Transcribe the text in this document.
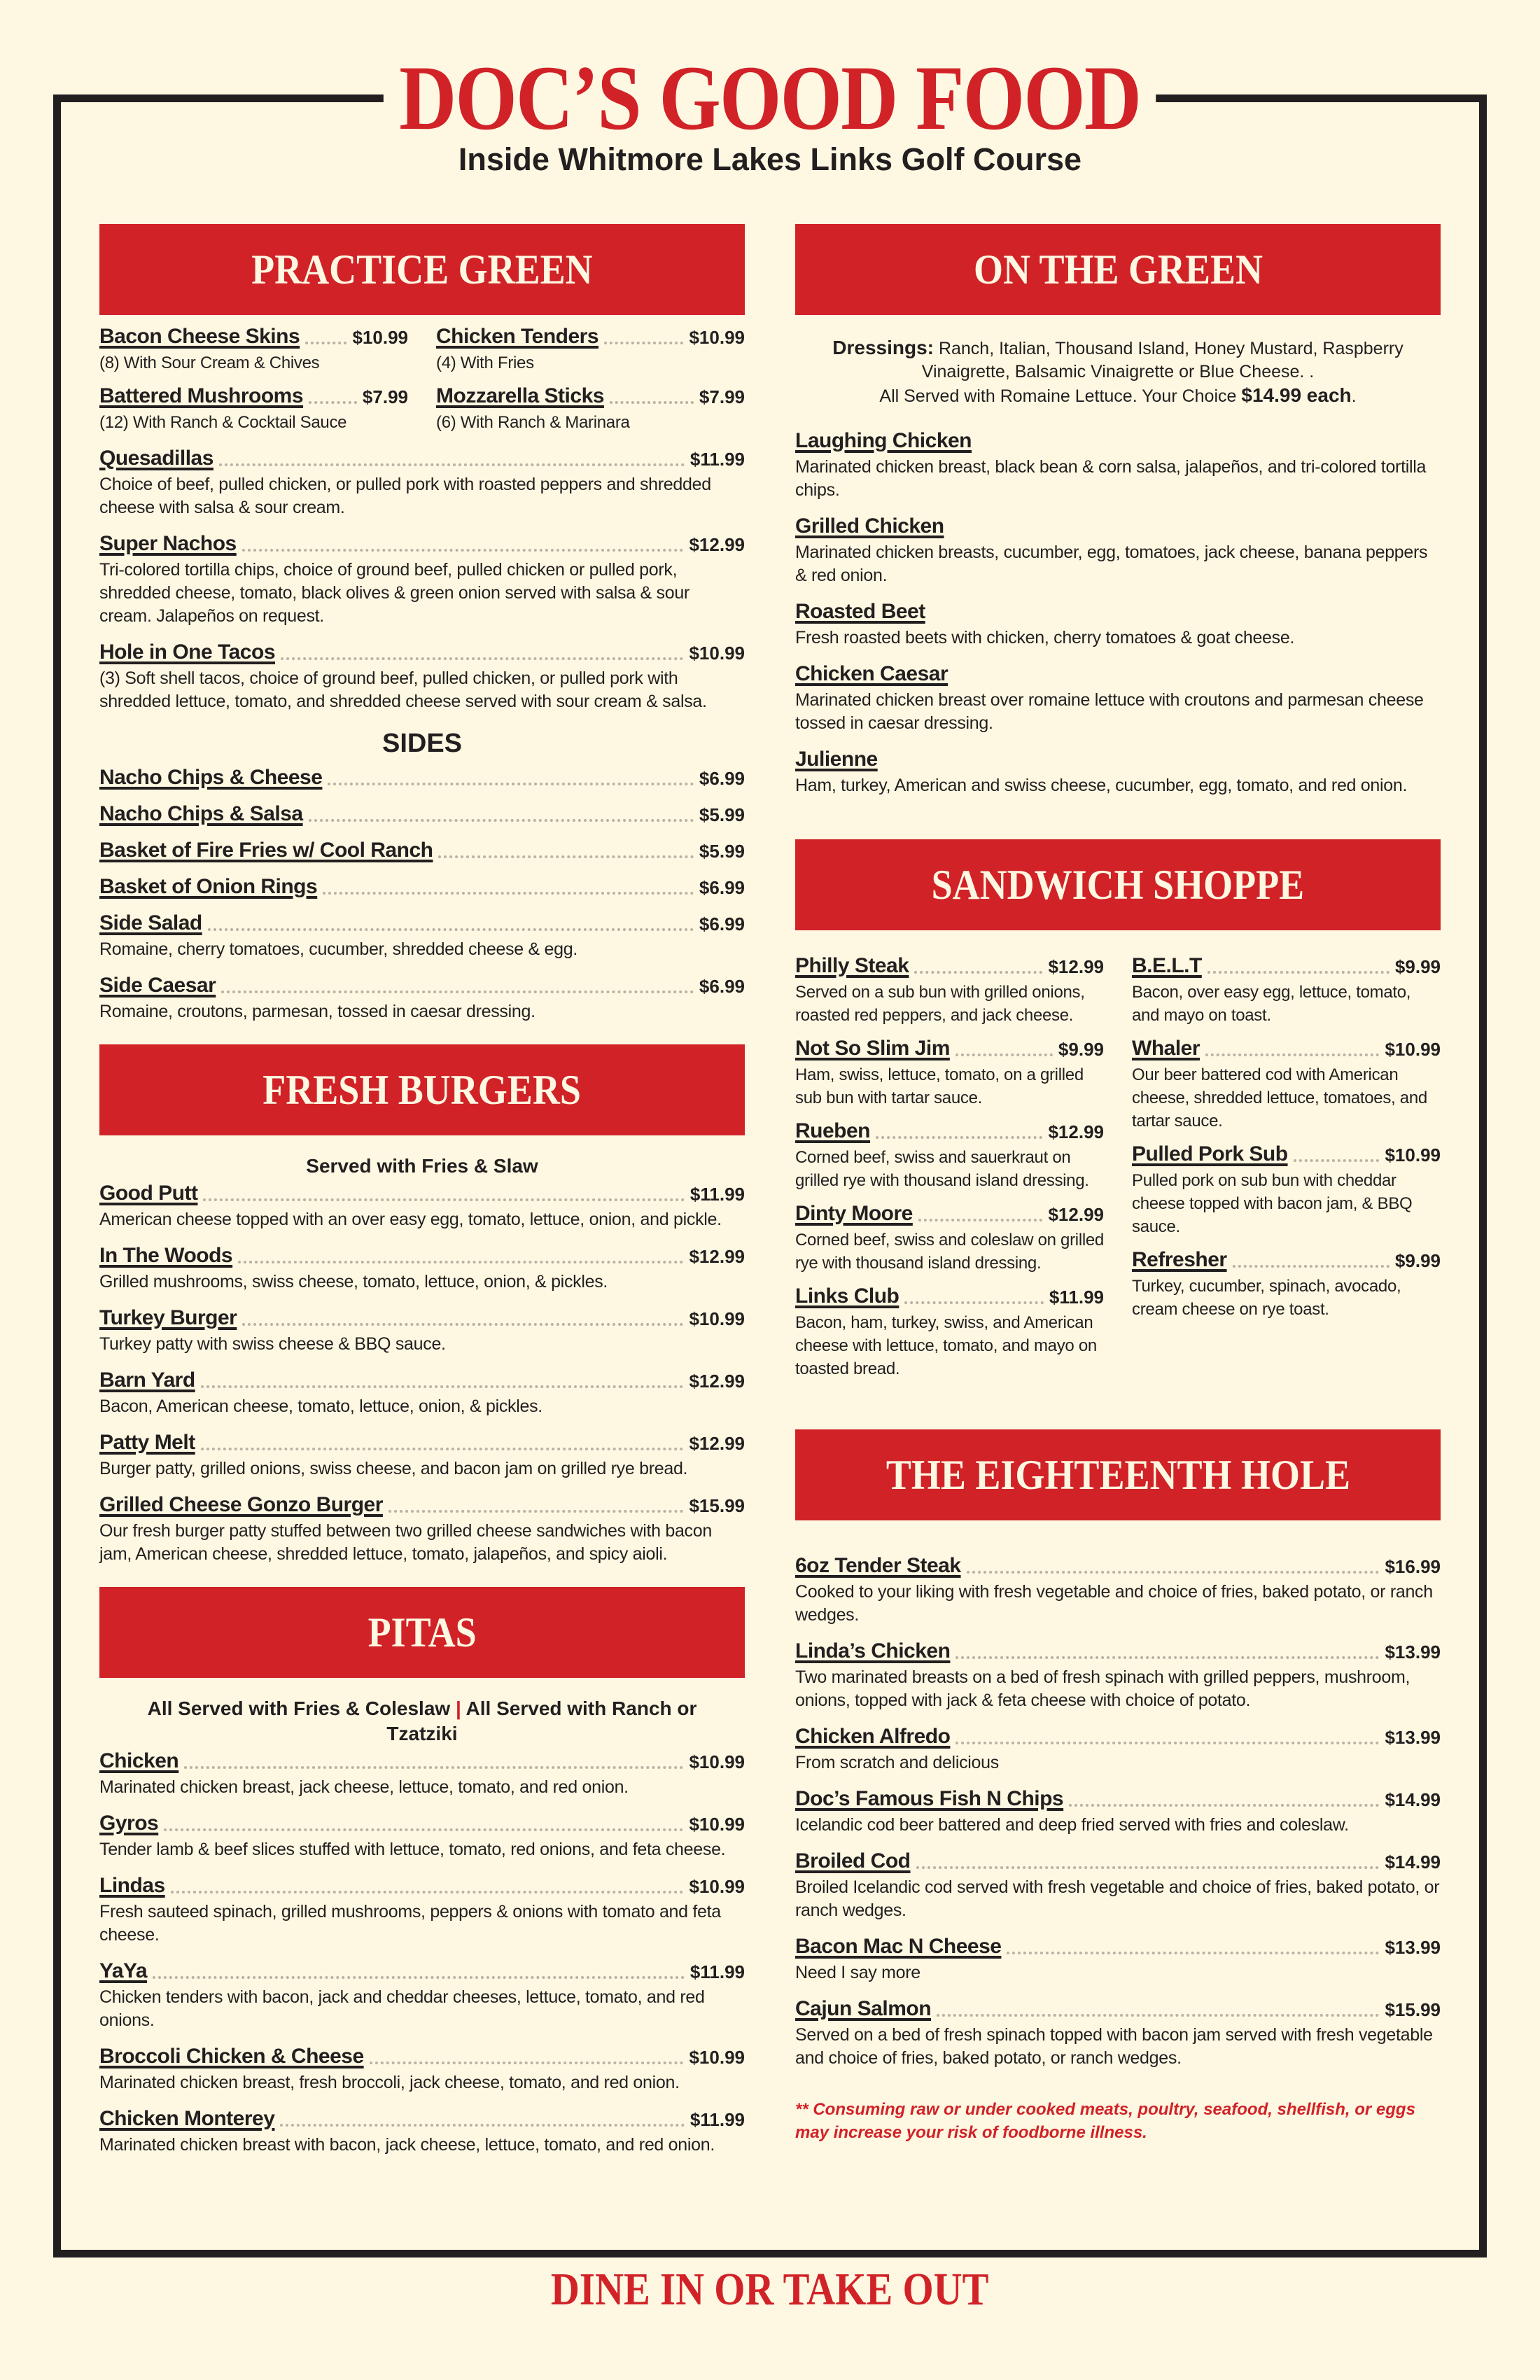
DOC’S GOOD FOOD
Inside Whitmore Lakes Links Golf Course
PRACTICE GREEN
Bacon Cheese Skins	$10.99
(8) With Sour Cream & Chives
Chicken Tenders	$10.99
(4) With Fries
Battered Mushrooms	$7.99
(12) With Ranch & Cocktail Sauce
Mozzarella Sticks	$7.99
(6) With Ranch & Marinara
Quesadillas	$11.99
Choice of beef, pulled chicken, or pulled pork with roasted peppers and shredded cheese with salsa & sour cream.
Super Nachos	$12.99
Tri-colored tortilla chips, choice of ground beef, pulled chicken or pulled pork, shredded cheese, tomato, black olives & green onion served with salsa & sour cream. Jalapeños on request.
Hole in One Tacos	$10.99
(3) Soft shell tacos, choice of ground beef, pulled chicken, or pulled pork with shredded lettuce, tomato, and shredded cheese served with sour cream & salsa.
SIDES
Nacho Chips & Cheese	$6.99
Nacho Chips & Salsa	$5.99
Basket of Fire Fries w/ Cool Ranch	$5.99
Basket of Onion Rings	$6.99
Side Salad	$6.99
Romaine, cherry tomatoes, cucumber, shredded cheese & egg.
Side Caesar	$6.99
Romaine, croutons, parmesan, tossed in caesar dressing.
FRESH BURGERS
Served with Fries & Slaw
Good Putt	$11.99
American cheese topped with an over easy egg, tomato, lettuce, onion, and pickle.
In The Woods	$12.99
Grilled mushrooms, swiss cheese, tomato, lettuce, onion, & pickles.
Turkey Burger	$10.99
Turkey patty with swiss cheese & BBQ sauce.
Barn Yard	$12.99
Bacon, American cheese, tomato, lettuce, onion, & pickles.
Patty Melt	$12.99
Burger patty, grilled onions, swiss cheese, and bacon jam on grilled rye bread.
Grilled Cheese Gonzo Burger	$15.99
Our fresh burger patty stuffed between two grilled cheese sandwiches with bacon jam, American cheese, shredded lettuce, tomato, jalapeños, and spicy aioli.
PITAS
All Served with Fries & Coleslaw | All Served with Ranch or Tzatziki
Chicken	$10.99
Marinated chicken breast, jack cheese, lettuce, tomato, and red onion.
Gyros	$10.99
Tender lamb & beef slices stuffed with lettuce, tomato, red onions, and feta cheese.
Lindas	$10.99
Fresh sauteed spinach, grilled mushrooms, peppers & onions with tomato and feta cheese.
YaYa	$11.99
Chicken tenders with bacon, jack and cheddar cheeses, lettuce, tomato, and red onions.
Broccoli Chicken & Cheese	$10.99
Marinated chicken breast, fresh broccoli, jack cheese, tomato, and red onion.
Chicken Monterey	$11.99
Marinated chicken breast with bacon, jack cheese, lettuce, tomato, and red onion.
ON THE GREEN
Dressings: Ranch, Italian, Thousand Island, Honey Mustard, Raspberry Vinaigrette, Balsamic Vinaigrette or Blue Cheese. .
All Served with Romaine Lettuce. Your Choice $14.99 each.
Laughing Chicken
Marinated chicken breast, black bean & corn salsa, jalapeños, and tri-colored tortilla chips.
Grilled Chicken
Marinated chicken breasts, cucumber, egg, tomatoes, jack cheese, banana peppers & red onion.
Roasted Beet
Fresh roasted beets with chicken, cherry tomatoes & goat cheese.
Chicken Caesar
Marinated chicken breast over romaine lettuce with croutons and parmesan cheese tossed in caesar dressing.
Julienne
Ham, turkey, American and swiss cheese, cucumber, egg, tomato, and red onion.
SANDWICH SHOPPE
Philly Steak	$12.99
Served on a sub bun with grilled onions, roasted red peppers, and jack cheese.
Not So Slim Jim	$9.99
Ham, swiss, lettuce, tomato, on a grilled sub bun with tartar sauce.
Rueben	$12.99
Corned beef, swiss and sauerkraut on grilled rye with thousand island dressing.
Dinty Moore	$12.99
Corned beef, swiss and coleslaw on grilled rye with thousand island dressing.
Links Club	$11.99
Bacon, ham, turkey, swiss, and American cheese with lettuce, tomato, and mayo on toasted bread.
B.E.L.T	$9.99
Bacon, over easy egg, lettuce, tomato, and mayo on toast.
Whaler	$10.99
Our beer battered cod with American cheese, shredded lettuce, tomatoes, and tartar sauce.
Pulled Pork Sub	$10.99
Pulled pork on sub bun with cheddar cheese topped with bacon jam, & BBQ sauce.
Refresher	$9.99
Turkey, cucumber, spinach, avocado, cream cheese on rye toast.
THE EIGHTEENTH HOLE
6oz Tender Steak	$16.99
Cooked to your liking with fresh vegetable and choice of fries, baked potato, or ranch wedges.
Linda’s Chicken	$13.99
Two marinated breasts on a bed of fresh spinach with grilled peppers, mushroom, onions, topped with jack & feta cheese with choice of potato.
Chicken Alfredo	$13.99
From scratch and delicious
Doc’s Famous Fish N Chips	$14.99
Icelandic cod beer battered and deep fried served with fries and coleslaw.
Broiled Cod	$14.99
Broiled Icelandic cod served with fresh vegetable and choice of fries, baked potato, or ranch wedges.
Bacon Mac N Cheese	$13.99
Need I say more
Cajun Salmon	$15.99
Served on a bed of fresh spinach topped with bacon jam served with fresh vegetable and choice of fries, baked potato, or ranch wedges.
** Consuming raw or under cooked meats, poultry, seafood, shellfish, or eggs may increase your risk of foodborne illness.
DINE IN OR TAKE OUT
